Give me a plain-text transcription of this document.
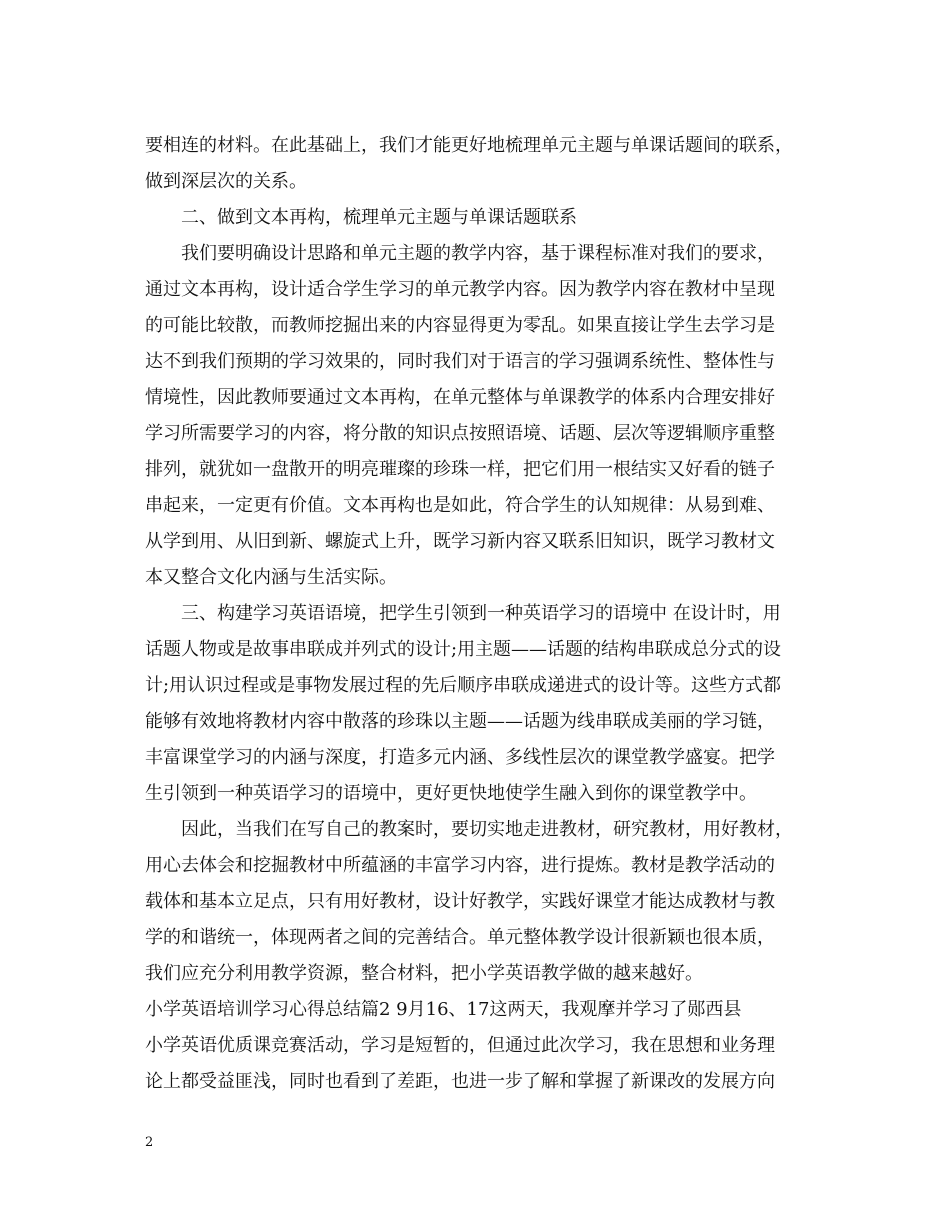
要相连的材料。在此基础上，我们才能更好地梳理单元主题与单课话题间的联系，
做到深层次的关系。
二、做到文本再构，梳理单元主题与单课话题联系
我们要明确设计思路和单元主题的教学内容，基于课程标准对我们的要求，
通过文本再构，设计适合学生学习的单元教学内容。因为教学内容在教材中呈现
的可能比较散，而教师挖掘出来的内容显得更为零乱。如果直接让学生去学习是
达不到我们预期的学习效果的，同时我们对于语言的学习强调系统性、整体性与
情境性，因此教师要通过文本再构，在单元整体与单课教学的体系内合理安排好
学习所需要学习的内容，将分散的知识点按照语境、话题、层次等逻辑顺序重整
排列，就犹如一盘散开的明亮璀璨的珍珠一样，把它们用一根结实又好看的链子
串起来，一定更有价值。文本再构也是如此，符合学生的认知规律：从易到难、
从学到用、从旧到新、螺旋式上升，既学习新内容又联系旧知识，既学习教材文
本又整合文化内涵与生活实际。
三、构建学习英语语境，把学生引领到一种英语学习的语境中 在设计时，用
话题人物或是故事串联成并列式的设计;用主题——话题的结构串联成总分式的设
计;用认识过程或是事物发展过程的先后顺序串联成递进式的设计等。这些方式都
能够有效地将教材内容中散落的珍珠以主题——话题为线串联成美丽的学习链，
丰富课堂学习的内涵与深度，打造多元内涵、多线性层次的课堂教学盛宴。把学
生引领到一种英语学习的语境中，更好更快地使学生融入到你的课堂教学中。
因此，当我们在写自己的教案时，要切实地走进教材，研究教材，用好教材，
用心去体会和挖掘教材中所蕴涵的丰富学习内容，进行提炼。教材是教学活动的
载体和基本立足点，只有用好教材，设计好教学，实践好课堂才能达成教材与教
学的和谐统一，体现两者之间的完善结合。单元整体教学设计很新颖也很本质，
我们应充分利用教学资源，整合材料，把小学英语教学做的越来越好。
小学英语培训学习心得总结篇2 9月16、17这两天，我观摩并学习了郧西县
小学英语优质课竞赛活动，学习是短暂的，但通过此次学习，我在思想和业务理
论上都受益匪浅，同时也看到了差距，也进一步了解和掌握了新课改的发展方向
2
